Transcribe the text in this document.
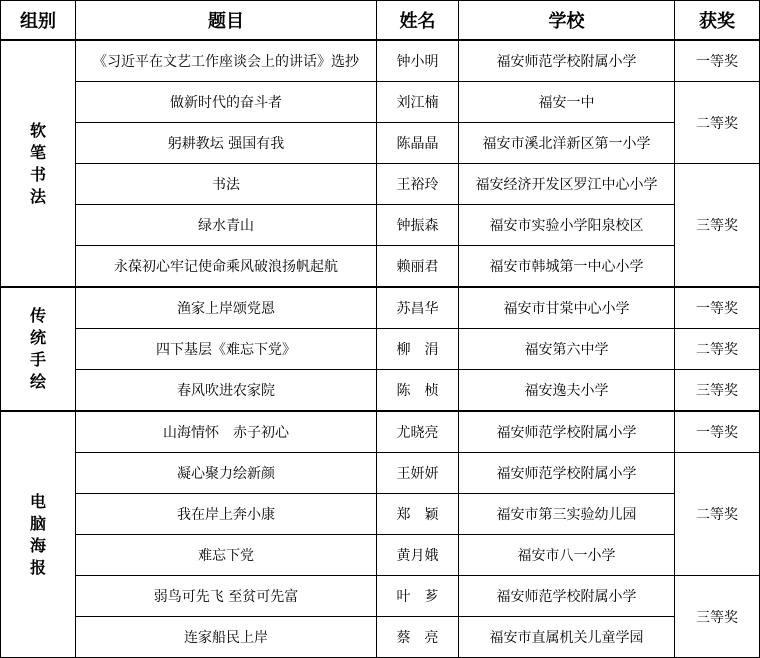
组别	题目	姓名	学校	获奖

软
笔
书
法	《习近平在文艺工作座谈会上的讲话》选抄	钟小明	福安师范学校附属小学	一等奖
	做新时代的奋斗者	刘江楠	福安一中	二等奖
	躬耕教坛 强国有我	陈晶晶	福安市溪北洋新区第一小学	
	书法	王裕玲	福安经济开发区罗江中心小学	三等奖
	绿水青山	钟振森	福安市实验小学阳泉校区	
	永葆初心牢记使命乘风破浪扬帆起航	赖丽君	福安市韩城第一中心小学	

传
统
手
绘	渔家上岸颂党恩	苏昌华	福安市甘棠中心小学	一等奖
	四下基层《难忘下党》	柳　涓	福安第六中学	二等奖
	春风吹进农家院	陈　桢	福安逸夫小学	三等奖

电
脑
海
报	山海情怀　赤子初心	尤晓亮	福安师范学校附属小学	一等奖
	凝心聚力绘新颜	王妍妍	福安师范学校附属小学	二等奖
	我在岸上奔小康	郑　颖	福安市第三实验幼儿园	
	难忘下党	黄月娥	福安市八一小学	
	弱鸟可先飞 至贫可先富	叶　芗	福安师范学校附属小学	三等奖
	连家船民上岸	蔡　亮	福安市直属机关儿童学园	
